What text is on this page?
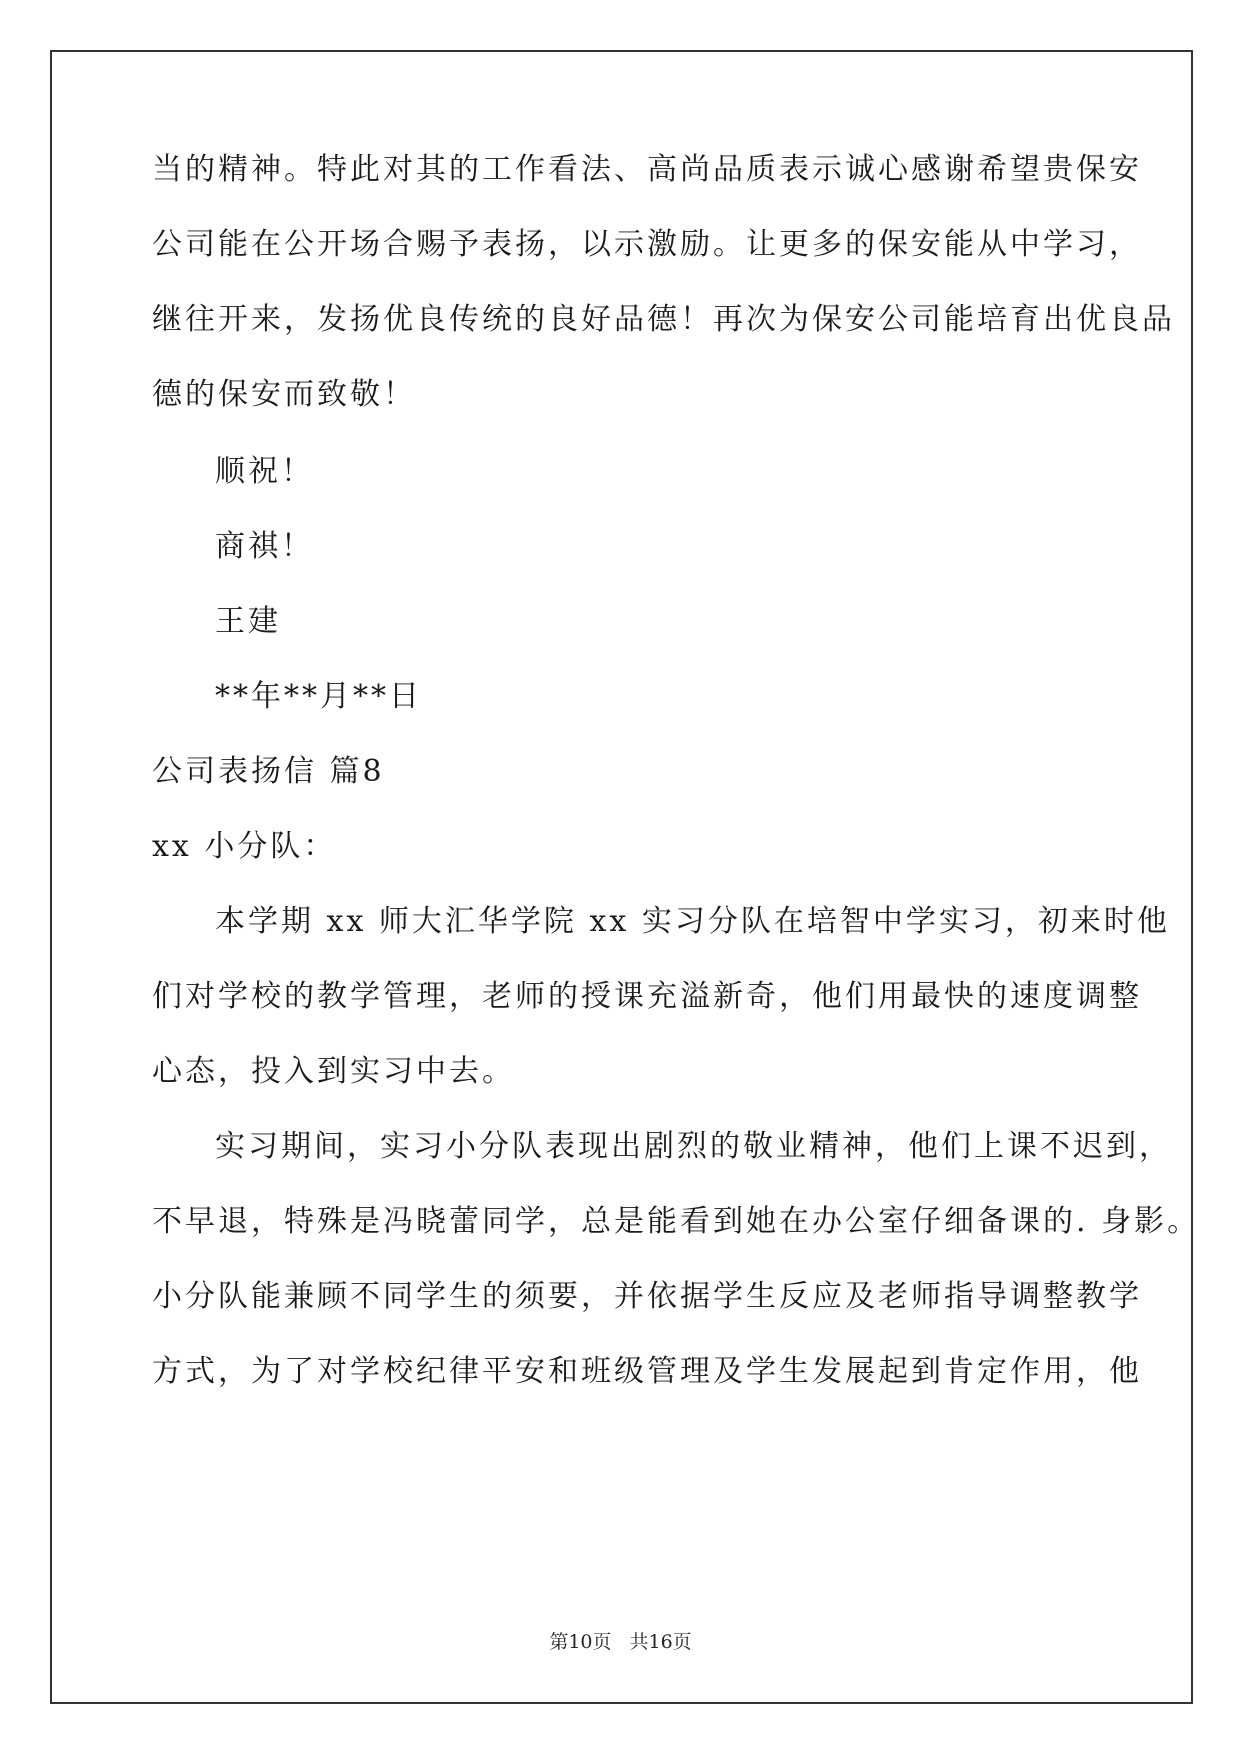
当的精神。特此对其的工作看法、高尚品质表示诚心感谢希望贵保安
公司能在公开场合赐予表扬，以示激励。让更多的保安能从中学习，
继往开来，发扬优良传统的良好品德！再次为保安公司能培育出优良品
德的保安而致敬！
顺祝！
商祺！
王建
**年**月**日
公司表扬信 篇8
xx 小分队：
本学期 xx 师大汇华学院 xx 实习分队在培智中学实习，初来时他
们对学校的教学管理，老师的授课充溢新奇，他们用最快的速度调整
心态，投入到实习中去。
实习期间，实习小分队表现出剧烈的敬业精神，他们上课不迟到，
不早退，特殊是冯晓蕾同学，总是能看到她在办公室仔细备课的. 身影。
小分队能兼顾不同学生的须要，并依据学生反应及老师指导调整教学
方式，为了对学校纪律平安和班级管理及学生发展起到肯定作用，他
第10页 共16页
